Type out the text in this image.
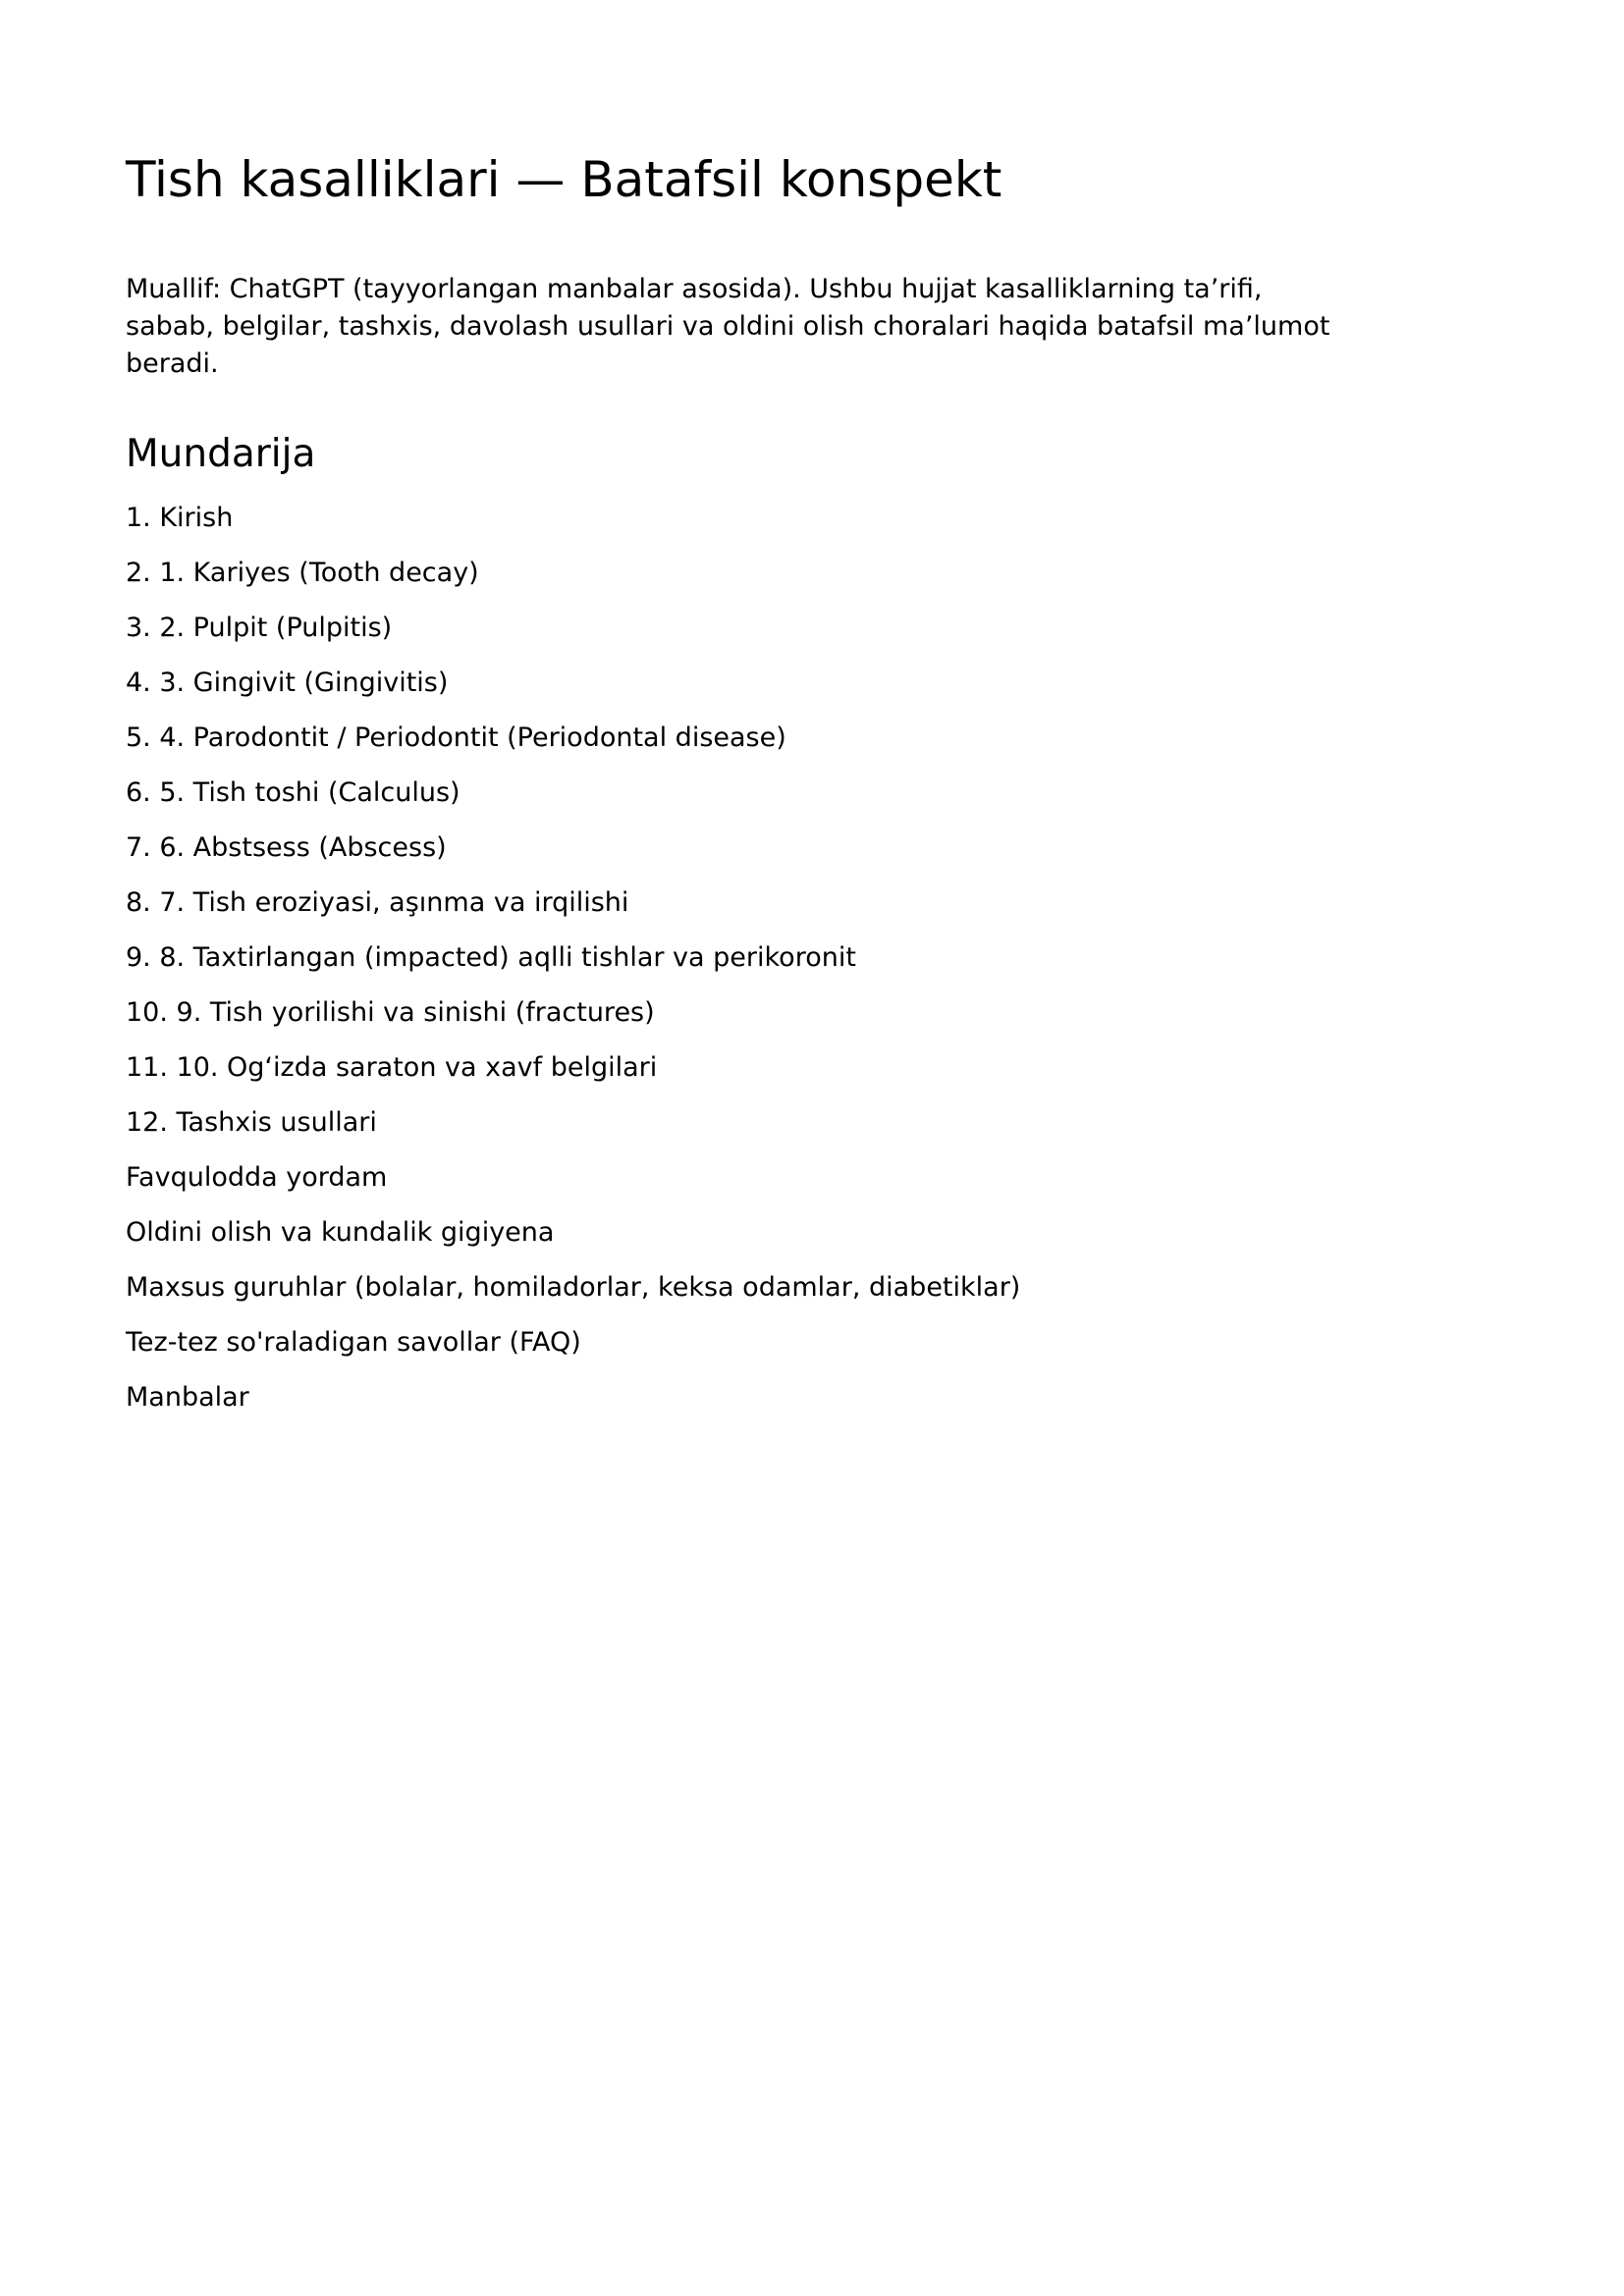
Tish kasalliklari — Batafsil konspekt
Muallif: ChatGPT (tayyorlangan manbalar asosida). Ushbu hujjat kasalliklarning ta’rifi,
sabab, belgilar, tashxis, davolash usullari va oldini olish choralari haqida batafsil ma’lumot
beradi.
Mundarija
1. Kirish
2. 1. Kariyes (Tooth decay)
3. 2. Pulpit (Pulpitis)
4. 3. Gingivit (Gingivitis)
5. 4. Parodontit / Periodontit (Periodontal disease)
6. 5. Tish toshi (Calculus)
7. 6. Abstsess (Abscess)
8. 7. Tish eroziyasi, aşınma va irqilishi
9. 8. Taxtirlangan (impacted) aqlli tishlar va perikoronit
10. 9. Tish yorilishi va sinishi (fractures)
11. 10. Og‘izda saraton va xavf belgilari
12. Tashxis usullari
Favqulodda yordam
Oldini olish va kundalik gigiyena
Maxsus guruhlar (bolalar, homiladorlar, keksa odamlar, diabetiklar)
Tez-tez so'raladigan savollar (FAQ)
Manbalar
